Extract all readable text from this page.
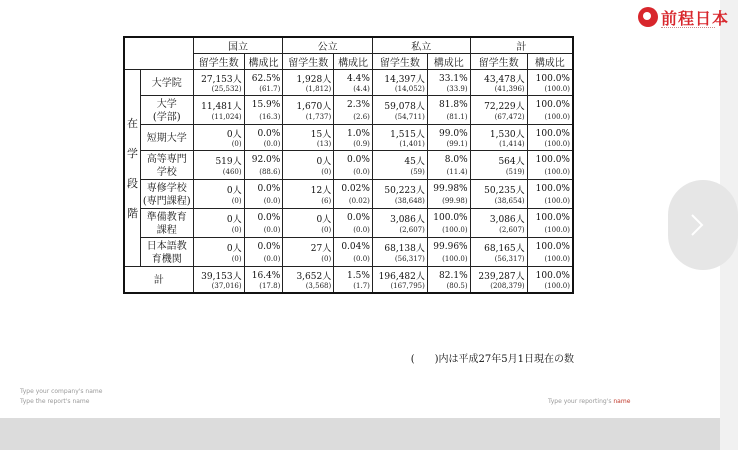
前程日本
		国立		公立		私立		計	
		留学生数	構成比	留学生数	構成比	留学生数	構成比	留学生数	構成比

在
学
段
階	大学院	27,153人	62.5%	1,928人	4.4%	14,397人	33.1%	43,478人	100.0%
		(25,532)	(61.7)	(1,812)	(4.4)	(14,052)	(33.9)	(41,396)	(100.0)
	大学
(学部)	11,481人	15.9%	1,670人	2.3%	59,078人	81.8%	72,229人	100.0%
		(11,024)	(16.3)	(1,737)	(2.6)	(54,711)	(81.1)	(67,472)	(100.0)
	短期大学	0人	0.0%	15人	1.0%	1,515人	99.0%	1,530人	100.0%
		(0)	(0.0)	(13)	(0.9)	(1,401)	(99.1)	(1,414)	(100.0)
	高等専門
学校	519人	92.0%	0人	0.0%	45人	8.0%	564人	100.0%
		(460)	(88.6)	(0)	(0.0)	(59)	(11.4)	(519)	(100.0)
	専修学校
(専門課程)	0人	0.0%	12人	0.02%	50,223人	99.98%	50,235人	100.0%
		(0)	(0.0)	(6)	(0.02)	(38,648)	(99.98)	(38,654)	(100.0)
	準備教育
課程	0人	0.0%	0人	0.0%	3,086人	100.0%	3,086人	100.0%
		(0)	(0.0)	(0)	(0.0)	(2,607)	(100.0)	(2,607)	(100.0)
	日本語教
育機関	0人	0.0%	27人	0.04%	68,138人	99.96%	68,165人	100.0%
		(0)	(0.0)	(0)	(0.0)	(56,317)	(100.0)	(56,317)	(100.0)
計		39,153人	16.4%	3,652人	1.5%	196,482人	82.1%	239,287人	100.0%
		(37,016)	(17.8)	(3,568)	(1.7)	(167,795)	(80.5)	(208,379)	(100.0)
(　　)内は平成27年5月1日現在の数
Type your company's name
Type the report's name	Type your reporting's name
